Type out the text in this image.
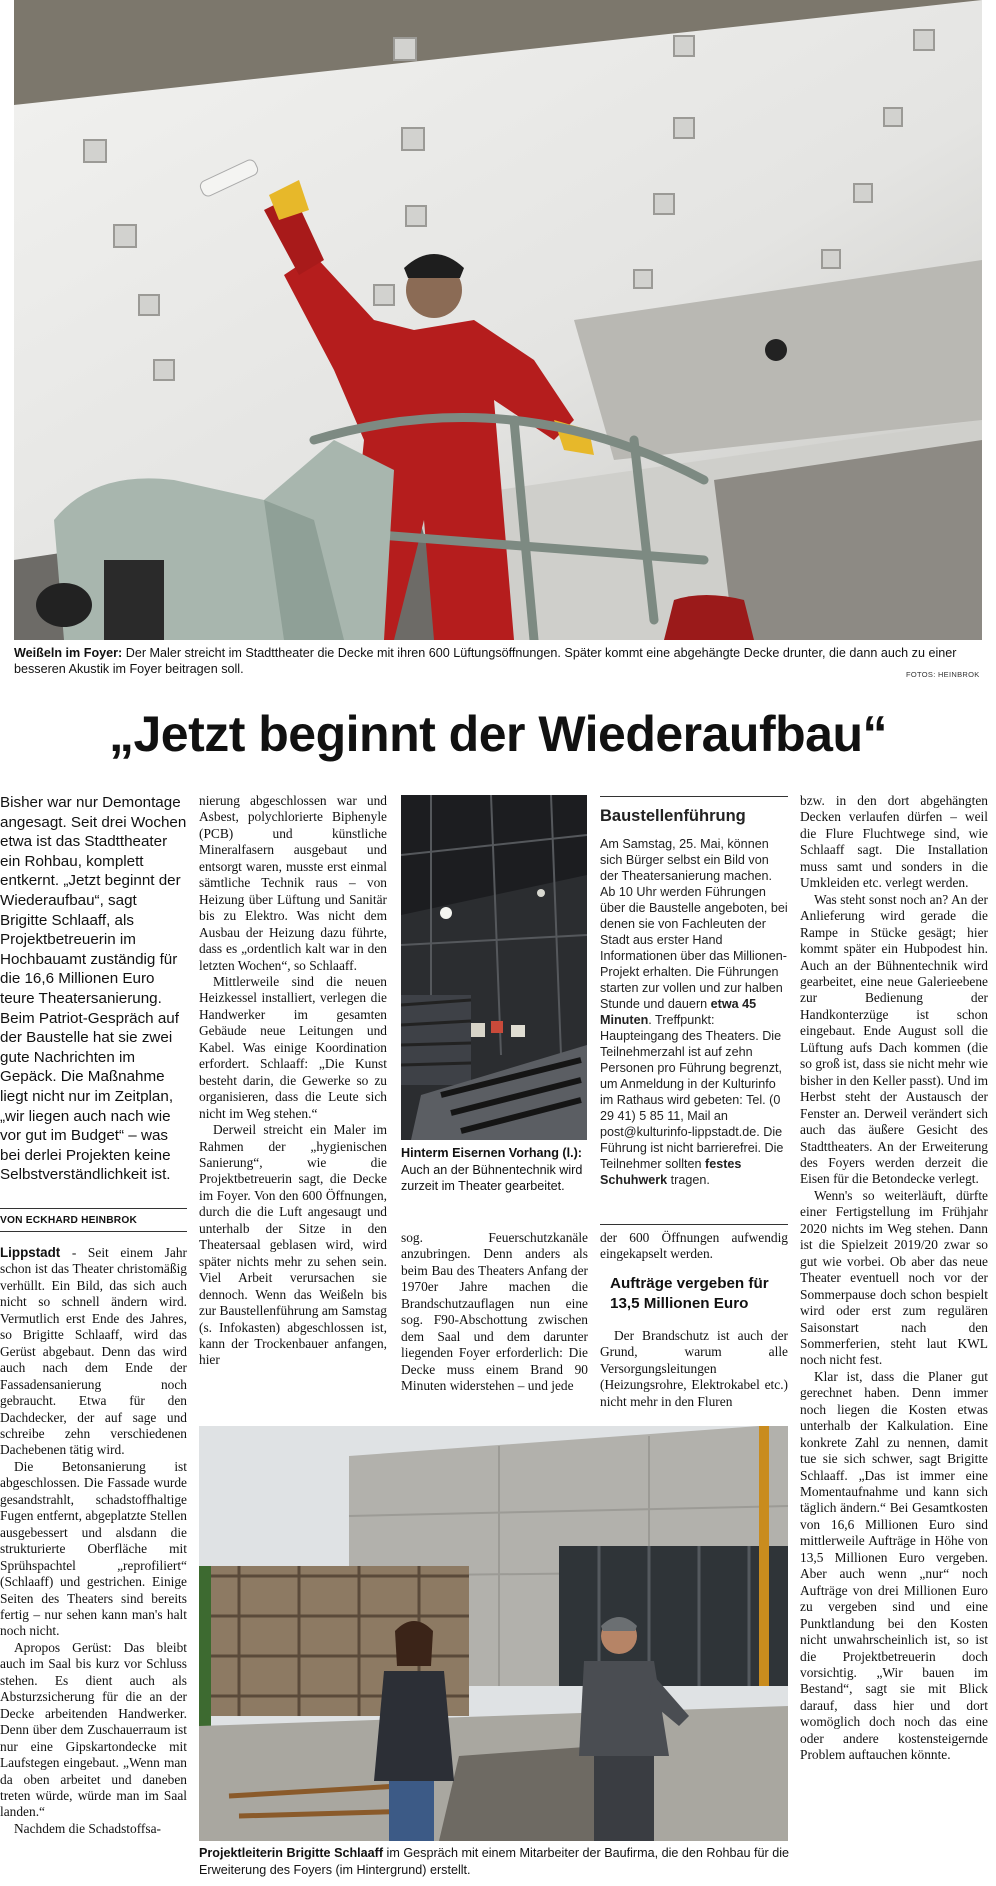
Weißeln im Foyer: Der Maler streicht im Stadttheater die Decke mit ihren 600 Lüftungsöffnungen. Später kommt eine abgehängte Decke drunter, die dann auch zu einer besseren Akustik im Foyer beitragen soll.	FOTOS: HEINBROK
„Jetzt beginnt der Wiederaufbau“
Bisher war nur Demontage angesagt. Seit drei Wochen etwa ist das Stadttheater ein Rohbau, komplett entkernt. „Jetzt beginnt der Wiederaufbau“, sagt Brigitte Schlaaff, als Projektbetreuerin im Hochbauamt zuständig für die 16,6 Millionen Euro teure Theatersanierung. Beim Patriot-Gespräch auf der Baustelle hat sie zwei gute Nachrichten im Gepäck. Die Maßnahme liegt nicht nur im Zeitplan, „wir liegen auch nach wie vor gut im Budget“ – was bei derlei Projekten keine Selbstverständlichkeit ist.
VON ECKHARD HEINBROK

Lippstadt - Seit einem Jahr schon ist das Theater christomäßig verhüllt. Ein Bild, das sich auch nicht so schnell ändern wird. Vermutlich erst Ende des Jahres, so Brigitte Schlaaff, wird das Gerüst abgebaut. Denn das wird auch nach dem Ende der Fassadensanierung noch gebraucht. Etwa für den Dachdecker, der auf sage und schreibe zehn verschiedenen Dachebenen tätig wird.

Die Betonsanierung ist abgeschlossen. Die Fassade wurde gesandstrahlt, schadstoffhaltige Fugen entfernt, abgeplatzte Stellen ausgebessert und alsdann die strukturierte Oberfläche mit Sprühspachtel „reprofiliert“ (Schlaaff) und gestrichen. Einige Seiten des Theaters sind bereits fertig – nur sehen kann man's halt noch nicht.

Apropos Gerüst: Das bleibt auch im Saal bis kurz vor Schluss stehen. Es dient auch als Absturzsicherung für die an der Decke arbeitenden Handwerker. Denn über dem Zuschauerraum ist nur eine Gipskartondecke mit Laufstegen eingebaut. „Wenn man da oben arbeitet und daneben treten würde, würde man im Saal landen.“

Nachdem die Schadstoffsa-

nierung abgeschlossen war und Asbest, polychlorierte Biphenyle (PCB) und künstliche Mineralfasern ausgebaut und entsorgt waren, musste erst einmal sämtliche Technik raus – von Heizung über Lüftung und Sanitär bis zu Elektro. Was nicht dem Ausbau der Heizung dazu führte, dass es „ordentlich kalt war in den letzten Wochen“, so Schlaaff.

Mittlerweile sind die neuen Heizkessel installiert, verlegen die Handwerker im gesamten Gebäude neue Leitungen und Kabel. Was einige Koordination erfordert. Schlaaff: „Die Kunst besteht darin, die Gewerke so zu organisieren, dass die Leute sich nicht im Weg stehen.“

Derweil streicht ein Maler im Rahmen der „hygienischen Sanierung“, wie die Projektbetreuerin sagt, die Decke im Foyer. Von den 600 Öffnungen, durch die die Luft angesaugt und unterhalb der Sitze in den Theatersaal geblasen wird, wird später nichts mehr zu sehen sein. Viel Arbeit verursachen sie dennoch. Wenn das Weißeln bis zur Baustellenführung am Samstag (s. Infokasten) abgeschlossen ist, kann der Trockenbauer anfangen, hier

Hinterm Eisernen Vorhang (l.): Auch an der Bühnentechnik wird zurzeit im Theater gearbeitet.

sog. Feuerschutzkanäle anzubringen. Denn anders als beim Bau des Theaters Anfang der 1970er Jahre machen die Brandschutzauflagen nun eine sog. F90-Abschottung zwischen dem Saal und dem darunter liegenden Foyer erforderlich: Die Decke muss einem Brand 90 Minuten widerstehen – und jede

Baustellenführung
Am Samstag, 25. Mai, können sich Bürger selbst ein Bild von der Theatersanierung machen. Ab 10 Uhr werden Führungen über die Baustelle angeboten, bei denen sie von Fachleuten der Stadt aus erster Hand Informationen über das Millionen-Projekt erhalten. Die Führungen starten zur vollen und zur halben Stunde und dauern etwa 45 Minuten. Treffpunkt: Haupteingang des Theaters. Die Teilnehmerzahl ist auf zehn Personen pro Führung begrenzt, um Anmeldung in der Kulturinfo im Rathaus wird gebeten: Tel. (0 29 41) 5 85 11, Mail an post@kulturinfo-lippstadt.de. Die Führung ist nicht barrierefrei. Die Teilnehmer sollten festes Schuhwerk tragen.

der 600 Öffnungen aufwendig eingekapselt werden.

Aufträge vergeben für 13,5 Millionen Euro

Der Brandschutz ist auch der Grund, warum alle Versorgungsleitungen (Heizungsrohre, Elektrokabel etc.) nicht mehr in den Fluren

bzw. in den dort abgehängten Decken verlaufen dürfen – weil die Flure Fluchtwege sind, wie Schlaaff sagt. Die Installation muss samt und sonders in die Umkleiden etc. verlegt werden.

Was steht sonst noch an? An der Anlieferung wird gerade die Rampe in Stücke gesägt; hier kommt später ein Hubpodest hin. Auch an der Bühnentechnik wird gearbeitet, eine neue Galerieebene zur Bedienung der Handkonterzüge ist schon eingebaut. Ende August soll die Lüftung aufs Dach kommen (die so groß ist, dass sie nicht mehr wie bisher in den Keller passt). Und im Herbst steht der Austausch der Fenster an. Derweil verändert sich auch das äußere Gesicht des Stadttheaters. An der Erweiterung des Foyers werden derzeit die Eisen für die Betondecke verlegt.

Wenn's so weiterläuft, dürfte einer Fertigstellung im Frühjahr 2020 nichts im Weg stehen. Dann ist die Spielzeit 2019/20 zwar so gut wie vorbei. Ob aber das neue Theater eventuell noch vor der Sommerpause doch schon bespielt wird oder erst zum regulären Saisonstart nach den Sommerferien, steht laut KWL noch nicht fest.

Klar ist, dass die Planer gut gerechnet haben. Denn immer noch liegen die Kosten etwas unterhalb der Kalkulation. Eine konkrete Zahl zu nennen, damit tue sie sich schwer, sagt Brigitte Schlaaff. „Das ist immer eine Momentaufnahme und kann sich täglich ändern.“ Bei Gesamtkosten von 16,6 Millionen Euro sind mittlerweile Aufträge in Höhe von 13,5 Millionen Euro vergeben. Aber auch wenn „nur“ noch Aufträge von drei Millionen Euro zu vergeben sind und eine Punktlandung bei den Kosten nicht unwahrscheinlich ist, so ist die Projektbetreuerin doch vorsichtig. „Wir bauen im Bestand“, sagt sie mit Blick darauf, dass hier und dort womöglich doch noch das eine oder andere kostensteigernde Problem auftauchen könnte.

Projektleiterin Brigitte Schlaaff im Gespräch mit einem Mitarbeiter der Baufirma, die den Rohbau für die Erweiterung des Foyers (im Hintergrund) erstellt.
